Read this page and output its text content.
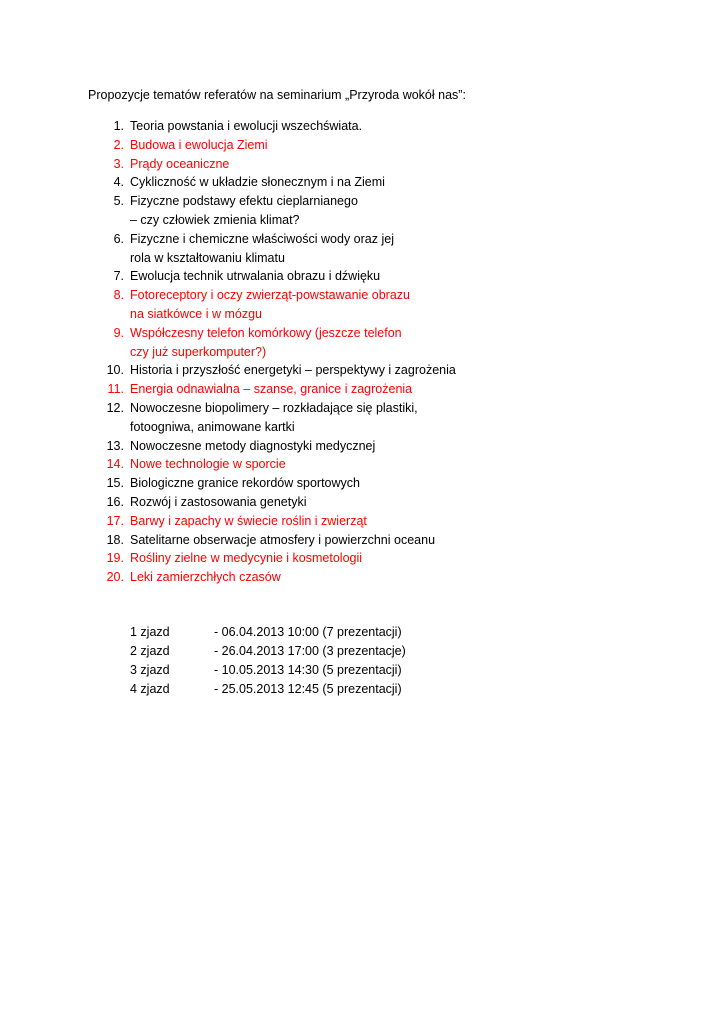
Propozycje tematów referatów na seminarium „Przyroda wokół nas”:
1. Teoria powstania i ewolucji wszechświata.
2. Budowa i ewolucja Ziemi
3. Prądy oceaniczne
4. Cykliczność w układzie słonecznym i na Ziemi
5. Fizyczne podstawy efektu cieplarnianego
– czy człowiek zmienia klimat?
6. Fizyczne i chemiczne właściwości wody oraz jej
rola w kształtowaniu klimatu
7. Ewolucja technik utrwalania obrazu i dźwięku
8. Fotoreceptory i oczy zwierząt-powstawanie obrazu
na siatkówce i w mózgu
9. Współczesny telefon komórkowy (jeszcze telefon
czy już superkomputer?)
10. Historia i przyszłość energetyki – perspektywy i zagrożenia
11. Energia odnawialna – szanse, granice i zagrożenia
12. Nowoczesne biopolimery – rozkładające się plastiki,
fotoogniwa, animowane kartki
13. Nowoczesne metody diagnostyki medycznej
14. Nowe technologie w sporcie
15. Biologiczne granice rekordów sportowych
16. Rozwój i zastosowania genetyki
17. Barwy i zapachy w świecie roślin i zwierząt
18. Satelitarne obserwacje atmosfery i powierzchni oceanu
19. Rośliny zielne w medycynie i kosmetologii
20. Leki zamierzchłych czasów
1 zjazd	- 06.04.2013 10:00 (7 prezentacji)
2 zjazd	- 26.04.2013 17:00 (3 prezentacje)
3 zjazd	- 10.05.2013 14:30 (5 prezentacji)
4 zjazd	- 25.05.2013 12:45 (5 prezentacji)
